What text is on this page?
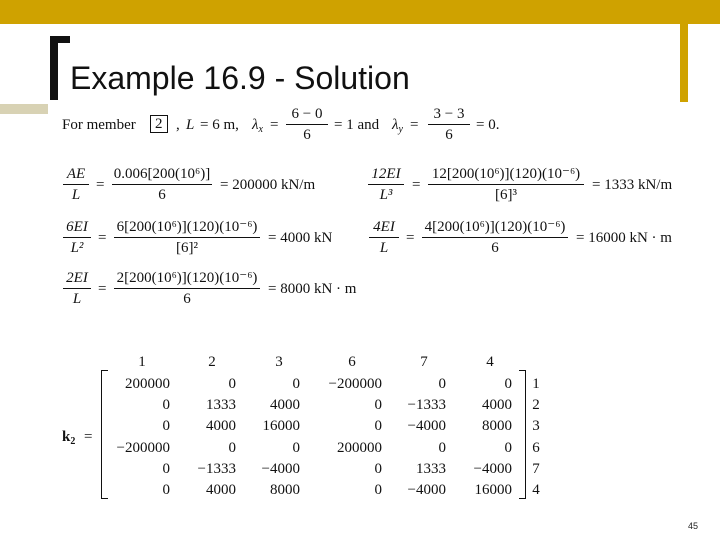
Example 16.9 - Solution
For member	2 , L = 6 m, $\lambda_x$ =
6 − 0
6
= 1 and $\lambda_y$ =
3 − 3
6
= 0.
AE
L
=
0.006[200(10⁶)]
6
= 200000 kN/m
12EI
L³
=
12[200(10⁶)](120)(10⁻⁶)
[6]³
= 1333 kN/m
6EI
L²
=
6[200(10⁶)](120)(10⁻⁶)
[6]²
= 4000 kN
4EI
L
=
4[200(10⁶)](120)(10⁻⁶)
6
= 16000 kN · m
2EI
L
=
2[200(10⁶)](120)(10⁻⁶)
6
= 8000 kN · m
$k_2$ =
1	2	3	6	7	4
200000	0	0	−200000	0	0 1
0	1333	4000	0	−1333	4000 2
0	4000	16000	0	−4000	8000 3
−200000	0	0	200000	0	0 6
0	−1333	−4000	0	1333	−4000 7
0	4000	8000	0	−4000	16000 4
45
